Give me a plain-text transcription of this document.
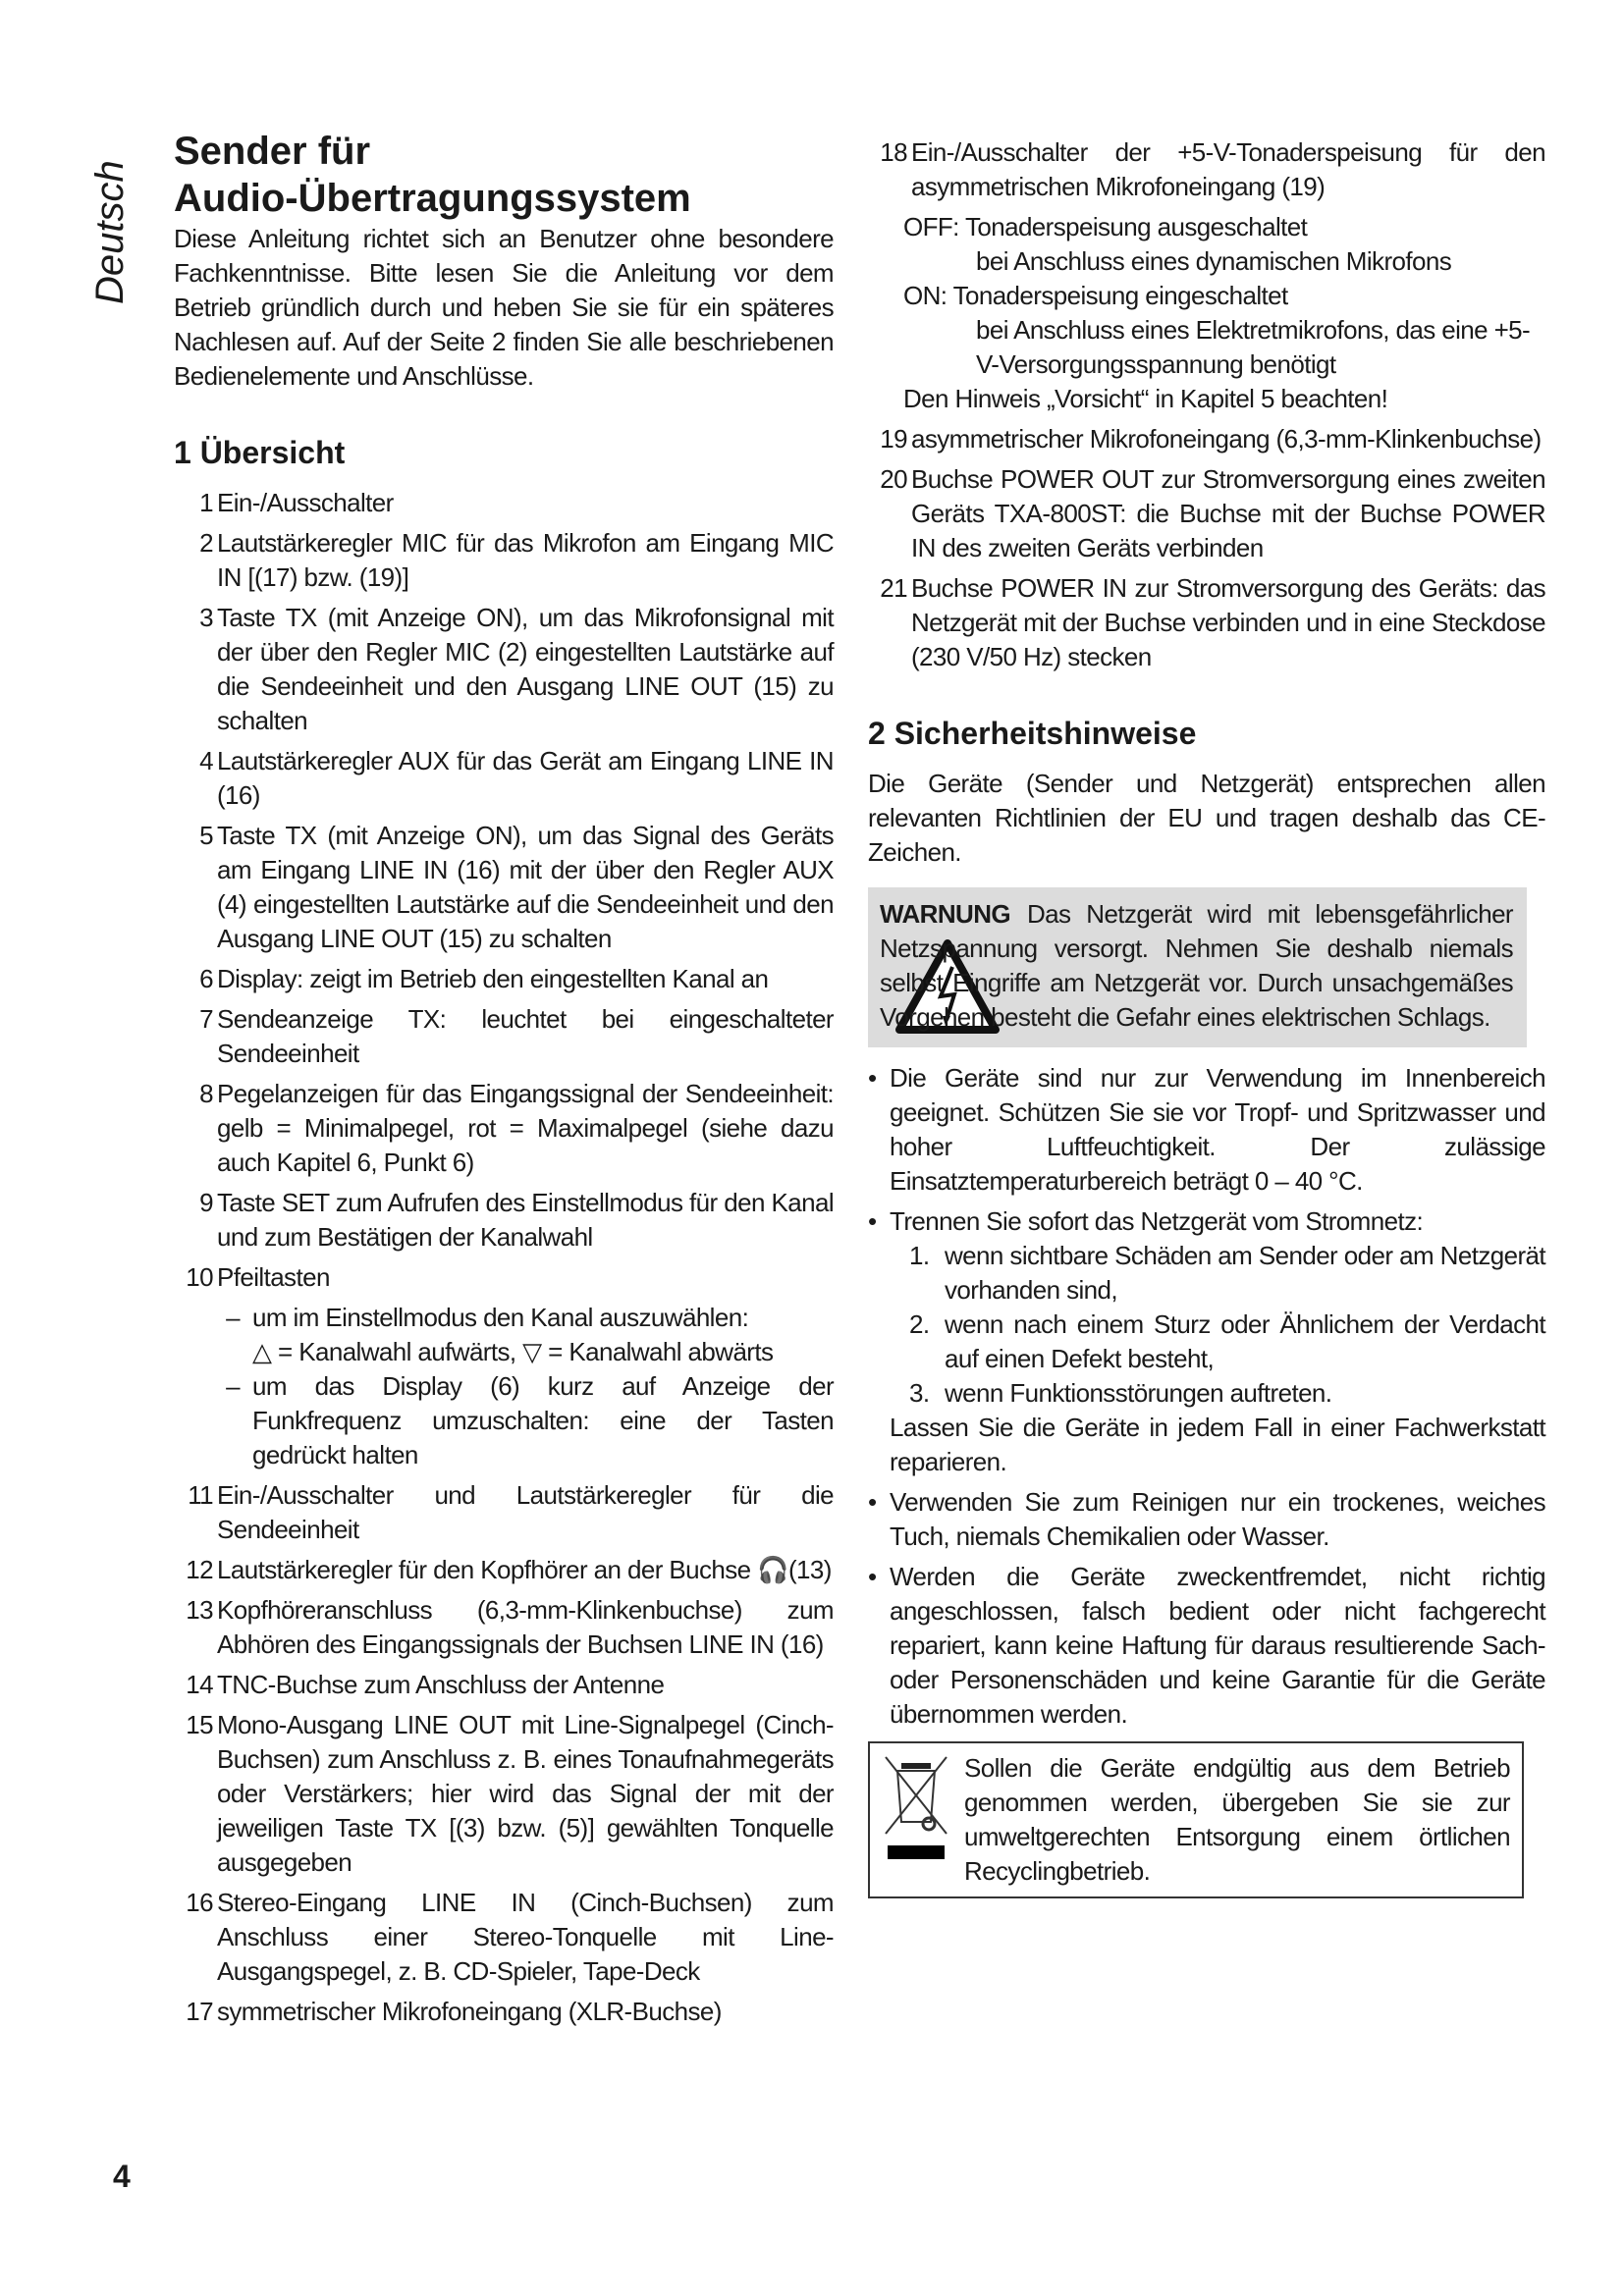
Deutsch
Sender für
Audio-Übertragungssystem

Diese Anleitung richtet sich an Benutzer ohne besondere Fachkenntnisse. Bitte lesen Sie die Anleitung vor dem Betrieb gründlich durch und heben Sie sie für ein späteres Nachlesen auf. Auf der Seite 2 finden Sie alle beschriebenen Bedienelemente und Anschlüsse.

1 Übersicht
1 Ein-/Ausschalter
2 Lautstärkeregler MIC für das Mikrofon am Eingang MIC IN [(17) bzw. (19)]
3 Taste TX (mit Anzeige ON), um das Mikrofonsignal mit der über den Regler MIC (2) eingestellten Lautstärke auf die Sendeeinheit und den Ausgang LINE OUT (15) zu schalten
4 Lautstärkeregler AUX für das Gerät am Eingang LINE IN (16)
5 Taste TX (mit Anzeige ON), um das Signal des Geräts am Eingang LINE IN (16) mit der über den Regler AUX (4) eingestellten Lautstärke auf die Sendeeinheit und den Ausgang LINE OUT (15) zu schalten
6 Display: zeigt im Betrieb den eingestellten Kanal an
7 Sendeanzeige TX: leuchtet bei eingeschalteter Sendeeinheit
8 Pegelanzeigen für das Eingangssignal der Sendeeinheit: gelb = Minimalpegel, rot = Maximalpegel (siehe dazu auch Kapitel 6, Punkt 6)
9 Taste SET zum Aufrufen des Einstellmodus für den Kanal und zum Bestätigen der Kanalwahl
10 Pfeiltasten
– um im Einstellmodus den Kanal auszuwählen:
△ = Kanalwahl aufwärts, ▽ = Kanalwahl abwärts
– um das Display (6) kurz auf Anzeige der Funkfrequenz umzuschalten: eine der Tasten gedrückt halten
11 Ein-/Ausschalter und Lautstärkeregler für die Sendeeinheit
12 Lautstärkeregler für den Kopfhörer an der Buchse 🎧(13)
13 Kopfhöreranschluss (6,3-mm-Klinkenbuchse) zum Abhören des Eingangssignals der Buchsen LINE IN (16)
14 TNC-Buchse zum Anschluss der Antenne
15 Mono-Ausgang LINE OUT mit Line-Signalpegel (Cinch-Buchsen) zum Anschluss z. B. eines Tonaufnahmegeräts oder Verstärkers; hier wird das Signal der mit der jeweiligen Taste TX [(3) bzw. (5)] gewählten Tonquelle ausgegeben
16 Stereo-Eingang LINE IN (Cinch-Buchsen) zum Anschluss einer Stereo-Tonquelle mit Line-Ausgangspegel, z. B. CD-Spieler, Tape-Deck
17 symmetrischer Mikrofoneingang (XLR-Buchse)
18 Ein-/Ausschalter der +5-V-Tonaderspeisung für den asymmetrischen Mikrofoneingang (19)
OFF: Tonaderspeisung ausgeschaltet
bei Anschluss eines dynamischen Mikrofons
ON: Tonaderspeisung eingeschaltet
bei Anschluss eines Elektretmikrofons, das eine +5-V-Versorgungsspannung benötigt
Den Hinweis „Vorsicht“ in Kapitel 5 beachten!
19 asymmetrischer Mikrofoneingang (6,3-mm-Klinkenbuchse)
20 Buchse POWER OUT zur Stromversorgung eines zweiten Geräts TXA-800ST: die Buchse mit der Buchse POWER IN des zweiten Geräts verbinden
21 Buchse POWER IN zur Stromversorgung des Geräts: das Netzgerät mit der Buchse verbinden und in eine Steckdose (230 V/50 Hz) stecken
2 Sicherheitshinweise

Die Geräte (Sender und Netzgerät) entsprechen allen relevanten Richtlinien der EU und tragen deshalb das CE-Zeichen.

WARNUNG Das Netzgerät wird mit lebensgefährlicher Netzspannung versorgt. Nehmen Sie deshalb niemals selbst Eingriffe am Netzgerät vor. Durch unsachgemäßes Vorgehen besteht die Gefahr eines elektrischen Schlags.

• Die Geräte sind nur zur Verwendung im Innenbereich geeignet. Schützen Sie sie vor Tropf- und Spritzwasser und hoher Luftfeuchtigkeit. Der zulässige Einsatztemperaturbereich beträgt 0 – 40 °C.

• Trennen Sie sofort das Netzgerät vom Stromnetz:

1. wenn sichtbare Schäden am Sender oder am Netzgerät vorhanden sind,

2. wenn nach einem Sturz oder Ähnlichem der Verdacht auf einen Defekt besteht,

3. wenn Funktionsstörungen auftreten.

Lassen Sie die Geräte in jedem Fall in einer Fachwerkstatt reparieren.

• Verwenden Sie zum Reinigen nur ein trockenes, weiches Tuch, niemals Chemikalien oder Wasser.

• Werden die Geräte zweckentfremdet, nicht richtig angeschlossen, falsch bedient oder nicht fachgerecht repariert, kann keine Haftung für daraus resultierende Sach- oder Personenschäden und keine Garantie für die Geräte übernommen werden.

Sollen die Geräte endgültig aus dem Betrieb genommen werden, übergeben Sie sie zur umweltgerechten Entsorgung einem örtlichen Recyclingbetrieb.

4
